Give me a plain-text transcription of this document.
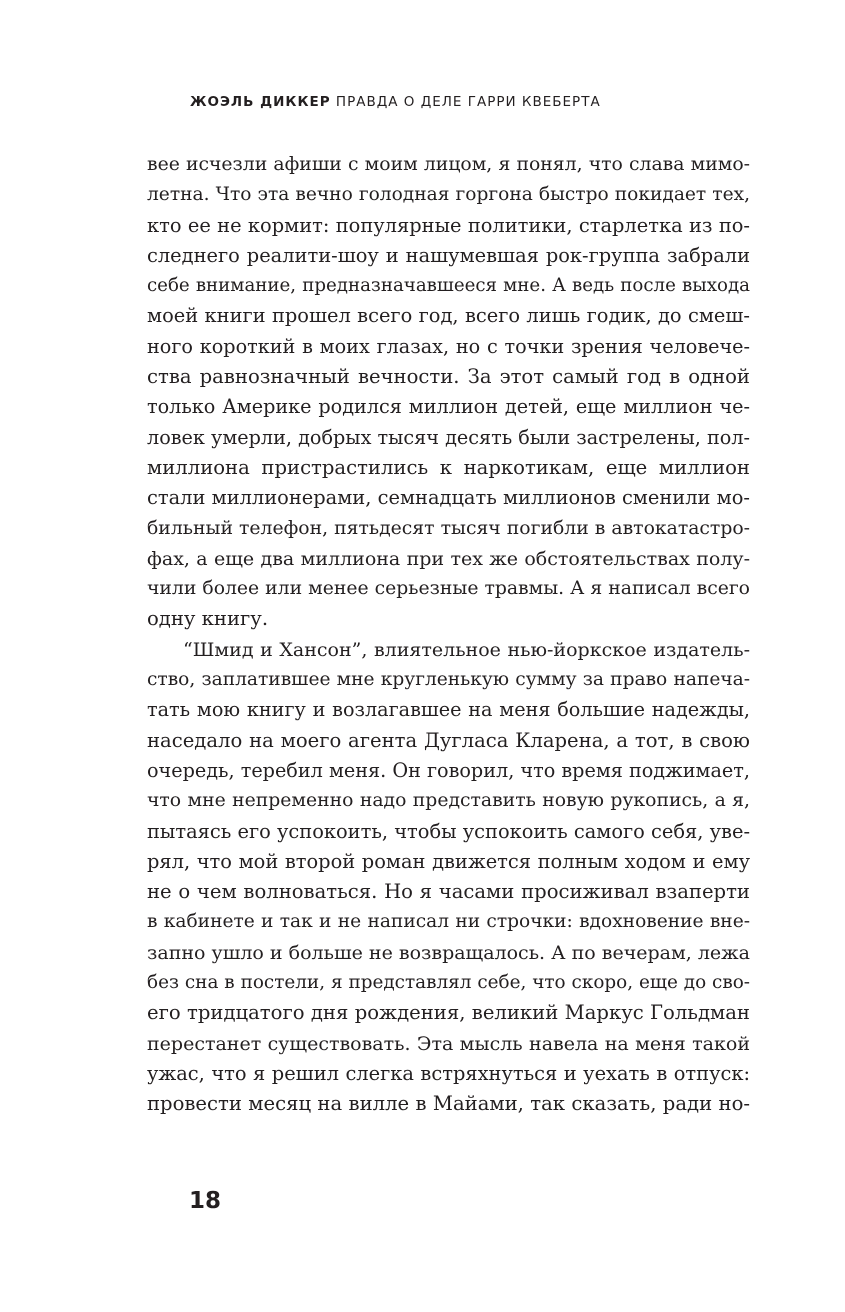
ЖОЭЛЬ ДИККЕР ПРАВДА О ДЕЛЕ ГАРРИ КВЕБЕРТА
вее исчезли афиши с моим лицом, я понял, что слава мимо-
летна. Что эта вечно голодная горгона быстро покидает тех,
кто ее не кормит: популярные политики, старлетка из по-
следнего реалити-шоу и нашумевшая рок-группа забрали
себе внимание, предназначавшееся мне. А ведь после выхода
моей книги прошел всего год, всего лишь годик, до смеш-
ного короткий в моих глазах, но с точки зрения человече-
ства равнозначный вечности. За этот самый год в одной
только Америке родился миллион детей, еще миллион че-
ловек умерли, добрых тысяч десять были застрелены, пол-
миллиона пристрастились к наркотикам, еще миллион
стали миллионерами, семнадцать миллионов сменили мо-
бильный телефон, пятьдесят тысяч погибли в автокатастро-
фах, а еще два миллиона при тех же обстоятельствах полу-
чили более или менее серьезные травмы. А я написал всего
одну книгу.
“Шмид и Хансон”, влиятельное нью-йоркское издатель-
ство, заплатившее мне кругленькую сумму за право напеча-
тать мою книгу и возлагавшее на меня большие надежды,
наседало на моего агента Дугласа Кларена, а тот, в свою
очередь, теребил меня. Он говорил, что время поджимает,
что мне непременно надо представить новую рукопись, а я,
пытаясь его успокоить, чтобы успокоить самого себя, уве-
рял, что мой второй роман движется полным ходом и ему
не о чем волноваться. Но я часами просиживал взаперти
в кабинете и так и не написал ни строчки: вдохновение вне-
запно ушло и больше не возвращалось. А по вечерам, лежа
без сна в постели, я представлял себе, что скоро, еще до сво-
его тридцатого дня рождения, великий Маркус Гольдман
перестанет существовать. Эта мысль навела на меня такой
ужас, что я решил слегка встряхнуться и уехать в отпуск:
провести месяц на вилле в Майами, так сказать, ради но-
18
